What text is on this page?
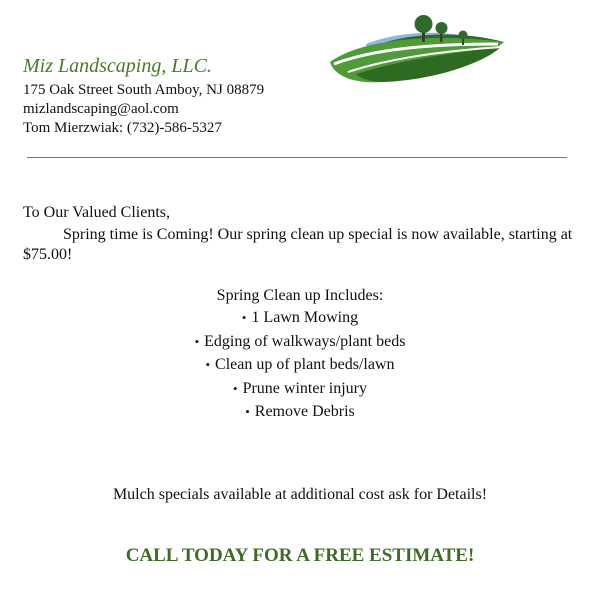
Miz Landscaping, LLC.
175 Oak Street South Amboy, NJ 08879
mizlandscaping@aol.com
Tom Mierzwiak: (732)-586-5327
To Our Valued Clients,
Spring time is Coming! Our spring clean up special is now available, starting at $75.00!
Spring Clean up Includes:
• 1 Lawn Mowing
• Edging of walkways/plant beds
• Clean up of plant beds/lawn
• Prune winter injury
• Remove Debris
Mulch specials available at additional cost ask for Details!
CALL TODAY FOR A FREE ESTIMATE!
